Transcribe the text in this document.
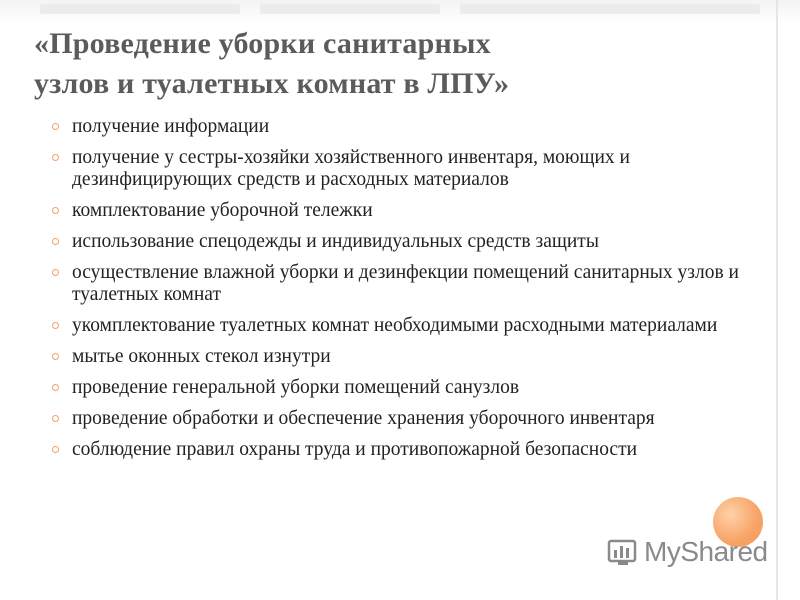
«Проведение уборки санитарных
узлов и туалетных комнат в ЛПУ»
получение информации
получение у сестры-хозяйки хозяйственного инвентаря, моющих и дезинфицирующих средств и расходных материалов
комплектование уборочной тележки
использование спецодежды и индивидуальных средств защиты
осуществление влажной уборки и дезинфекции помещений санитарных узлов и туалетных комнат
укомплектование туалетных комнат необходимыми расходными материалами
мытье оконных стекол изнутри
проведение генеральной уборки помещений санузлов
проведение обработки и обеспечение хранения уборочного инвентаря
соблюдение правил охраны труда и противопожарной безопасности
MyShared
